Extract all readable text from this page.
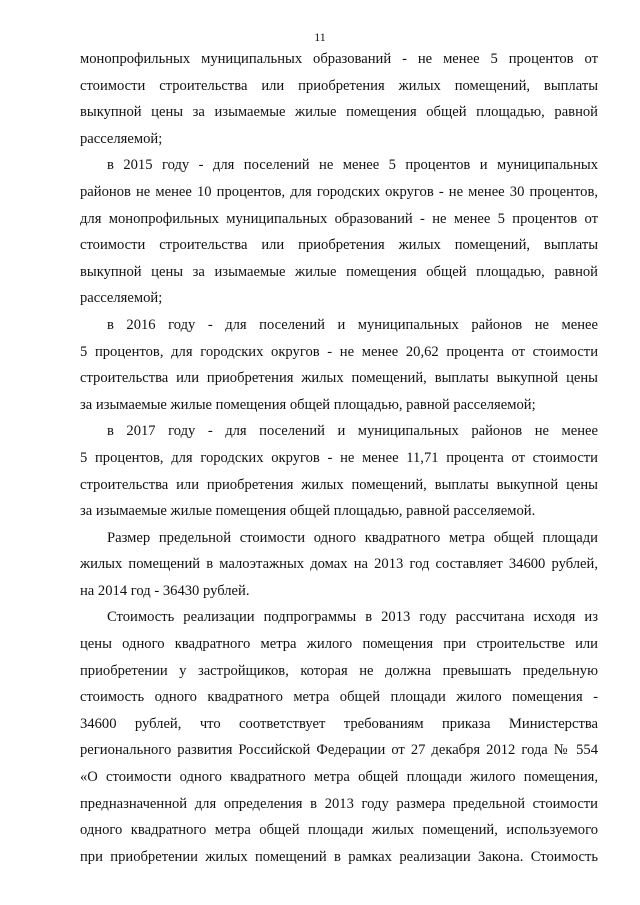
11
монопрофильных муниципальных образований - не менее 5 процентов от
стоимости строительства или приобретения жилых помещений, выплаты
выкупной цены за изымаемые жилые помещения общей площадью, равной
расселяемой;
в 2015 году - для поселений не менее 5 процентов и муниципальных
районов не менее 10 процентов, для городских округов - не менее 30 процентов,
для монопрофильных муниципальных образований - не менее 5 процентов от
стоимости строительства или приобретения жилых помещений, выплаты
выкупной цены за изымаемые жилые помещения общей площадью, равной
расселяемой;
в 2016 году - для поселений и муниципальных районов не менее
5 процентов, для городских округов - не менее 20,62 процента от стоимости
строительства или приобретения жилых помещений, выплаты выкупной цены
за изымаемые жилые помещения общей площадью, равной расселяемой;
в 2017 году - для поселений и муниципальных районов не менее
5 процентов, для городских округов - не менее 11,71 процента от стоимости
строительства или приобретения жилых помещений, выплаты выкупной цены
за изымаемые жилые помещения общей площадью, равной расселяемой.
Размер предельной стоимости одного квадратного метра общей площади
жилых помещений в малоэтажных домах на 2013 год составляет 34600 рублей,
на 2014 год - 36430 рублей.
Стоимость реализации подпрограммы в 2013 году рассчитана исходя из
цены одного квадратного метра жилого помещения при строительстве или
приобретении у застройщиков, которая не должна превышать предельную
стоимость одного квадратного метра общей площади жилого помещения -
34600 рублей, что соответствует требованиям приказа Министерства
регионального развития Российской Федерации от 27 декабря 2012 года № 554
«О стоимости одного квадратного метра общей площади жилого помещения,
предназначенной для определения в 2013 году размера предельной стоимости
одного квадратного метра общей площади жилых помещений, используемого
при приобретении жилых помещений в рамках реализации Закона. Стоимость
